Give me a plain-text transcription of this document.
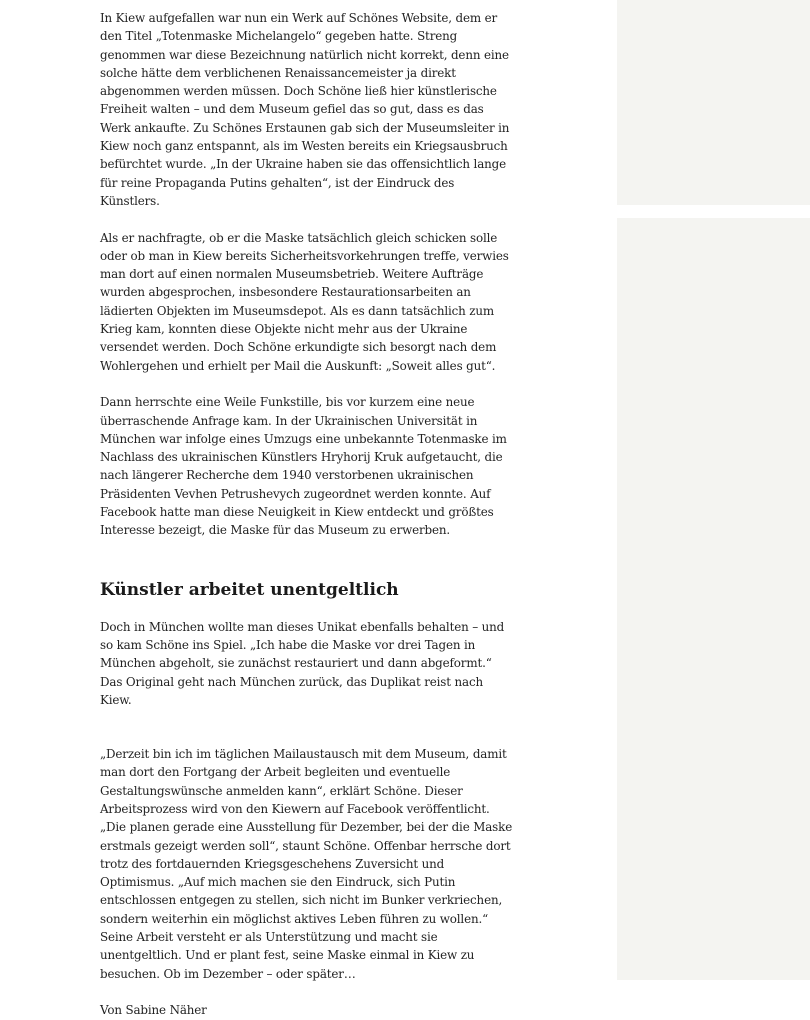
In Kiew aufgefallen war nun ein Werk auf Schönes Website, dem er den Titel „Totenmaske Michelangelo“ gegeben hatte. Streng genommen war diese Bezeichnung natürlich nicht korrekt, denn eine solche hätte dem verblichenen Renaissancemeister ja direkt abgenommen werden müssen. Doch Schöne ließ hier künstlerische Freiheit walten – und dem Museum gefiel das so gut, dass es das Werk ankaufte. Zu Schönes Erstaunen gab sich der Museumsleiter in Kiew noch ganz entspannt, als im Westen bereits ein Kriegsausbruch befürchtet wurde. „In der Ukraine haben sie das offensichtlich lange für reine Propaganda Putins gehalten“, ist der Eindruck des Künstlers.

Als er nachfragte, ob er die Maske tatsächlich gleich schicken solle oder ob man in Kiew bereits Sicherheitsvorkehrungen treffe, verwies man dort auf einen normalen Museumsbetrieb. Weitere Aufträge wurden abgesprochen, insbesondere Restaurationsarbeiten an lädierten Objekten im Museumsdepot. Als es dann tatsächlich zum Krieg kam, konnten diese Objekte nicht mehr aus der Ukraine versendet werden. Doch Schöne erkundigte sich besorgt nach dem Wohlergehen und erhielt per Mail die Auskunft: „Soweit alles gut“.

Dann herrschte eine Weile Funkstille, bis vor kurzem eine neue überraschende Anfrage kam. In der Ukrainischen Universität in München war infolge eines Umzugs eine unbekannte Totenmaske im Nachlass des ukrainischen Künstlers Hryhorij Kruk aufgetaucht, die nach längerer Recherche dem 1940 verstorbenen ukrainischen Präsidenten Vevhen Petrushevych zugeordnet werden konnte. Auf Facebook hatte man diese Neuigkeit in Kiew entdeckt und größtes Interesse bezeigt, die Maske für das Museum zu erwerben.

Künstler arbeitet unentgeltlich

Doch in München wollte man dieses Unikat ebenfalls behalten – und so kam Schöne ins Spiel. „Ich habe die Maske vor drei Tagen in München abgeholt, sie zunächst restauriert und dann abgeformt.“ Das Original geht nach München zurück, das Duplikat reist nach Kiew.

„Derzeit bin ich im täglichen Mailaustausch mit dem Museum, damit man dort den Fortgang der Arbeit begleiten und eventuelle Gestaltungswünsche anmelden kann“, erklärt Schöne. Dieser Arbeitsprozess wird von den Kiewern auf Facebook veröffentlicht. „Die planen gerade eine Ausstellung für Dezember, bei der die Maske erstmals gezeigt werden soll“, staunt Schöne. Offenbar herrsche dort trotz des fortdauernden Kriegsgeschehens Zuversicht und Optimismus. „Auf mich machen sie den Eindruck, sich Putin entschlossen entgegen zu stellen, sich nicht im Bunker verkriechen, sondern weiterhin ein möglichst aktives Leben führen zu wollen.“ Seine Arbeit versteht er als Unterstützung und macht sie unentgeltlich. Und er plant fest, seine Maske einmal in Kiew zu besuchen. Ob im Dezember – oder später…

Von Sabine Näher
